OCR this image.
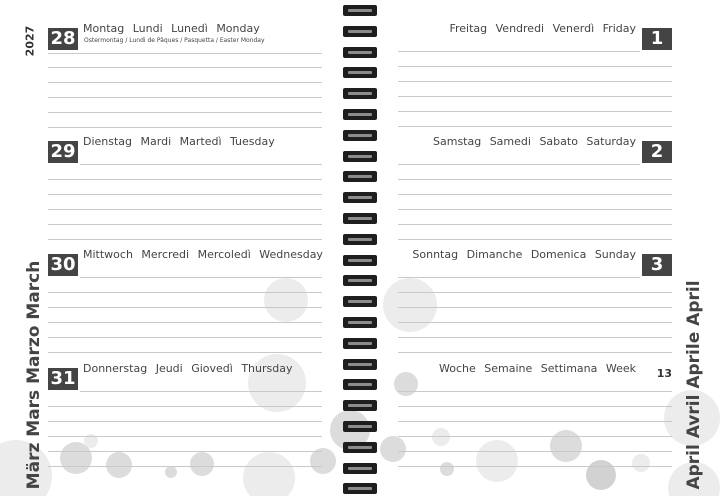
2027
März Mars Marzo March	April Avril Aprile April
28 Montag Lundi Lunedì Monday
Ostermontag / Lundi de Pâques / Pasquetta / Easter Monday
29 Dienstag Mardi Martedì Tuesday
30 Mittwoch Mercredi Mercoledì Wednesday
31 Donnerstag Jeudi Giovedì Thursday
1
Freitag Vendredi Venerdì Friday
2
Samstag Samedi Sabato Saturday
3
Sonntag Dimanche Domenica Sunday
Woche Semaine Settimana Week 13
